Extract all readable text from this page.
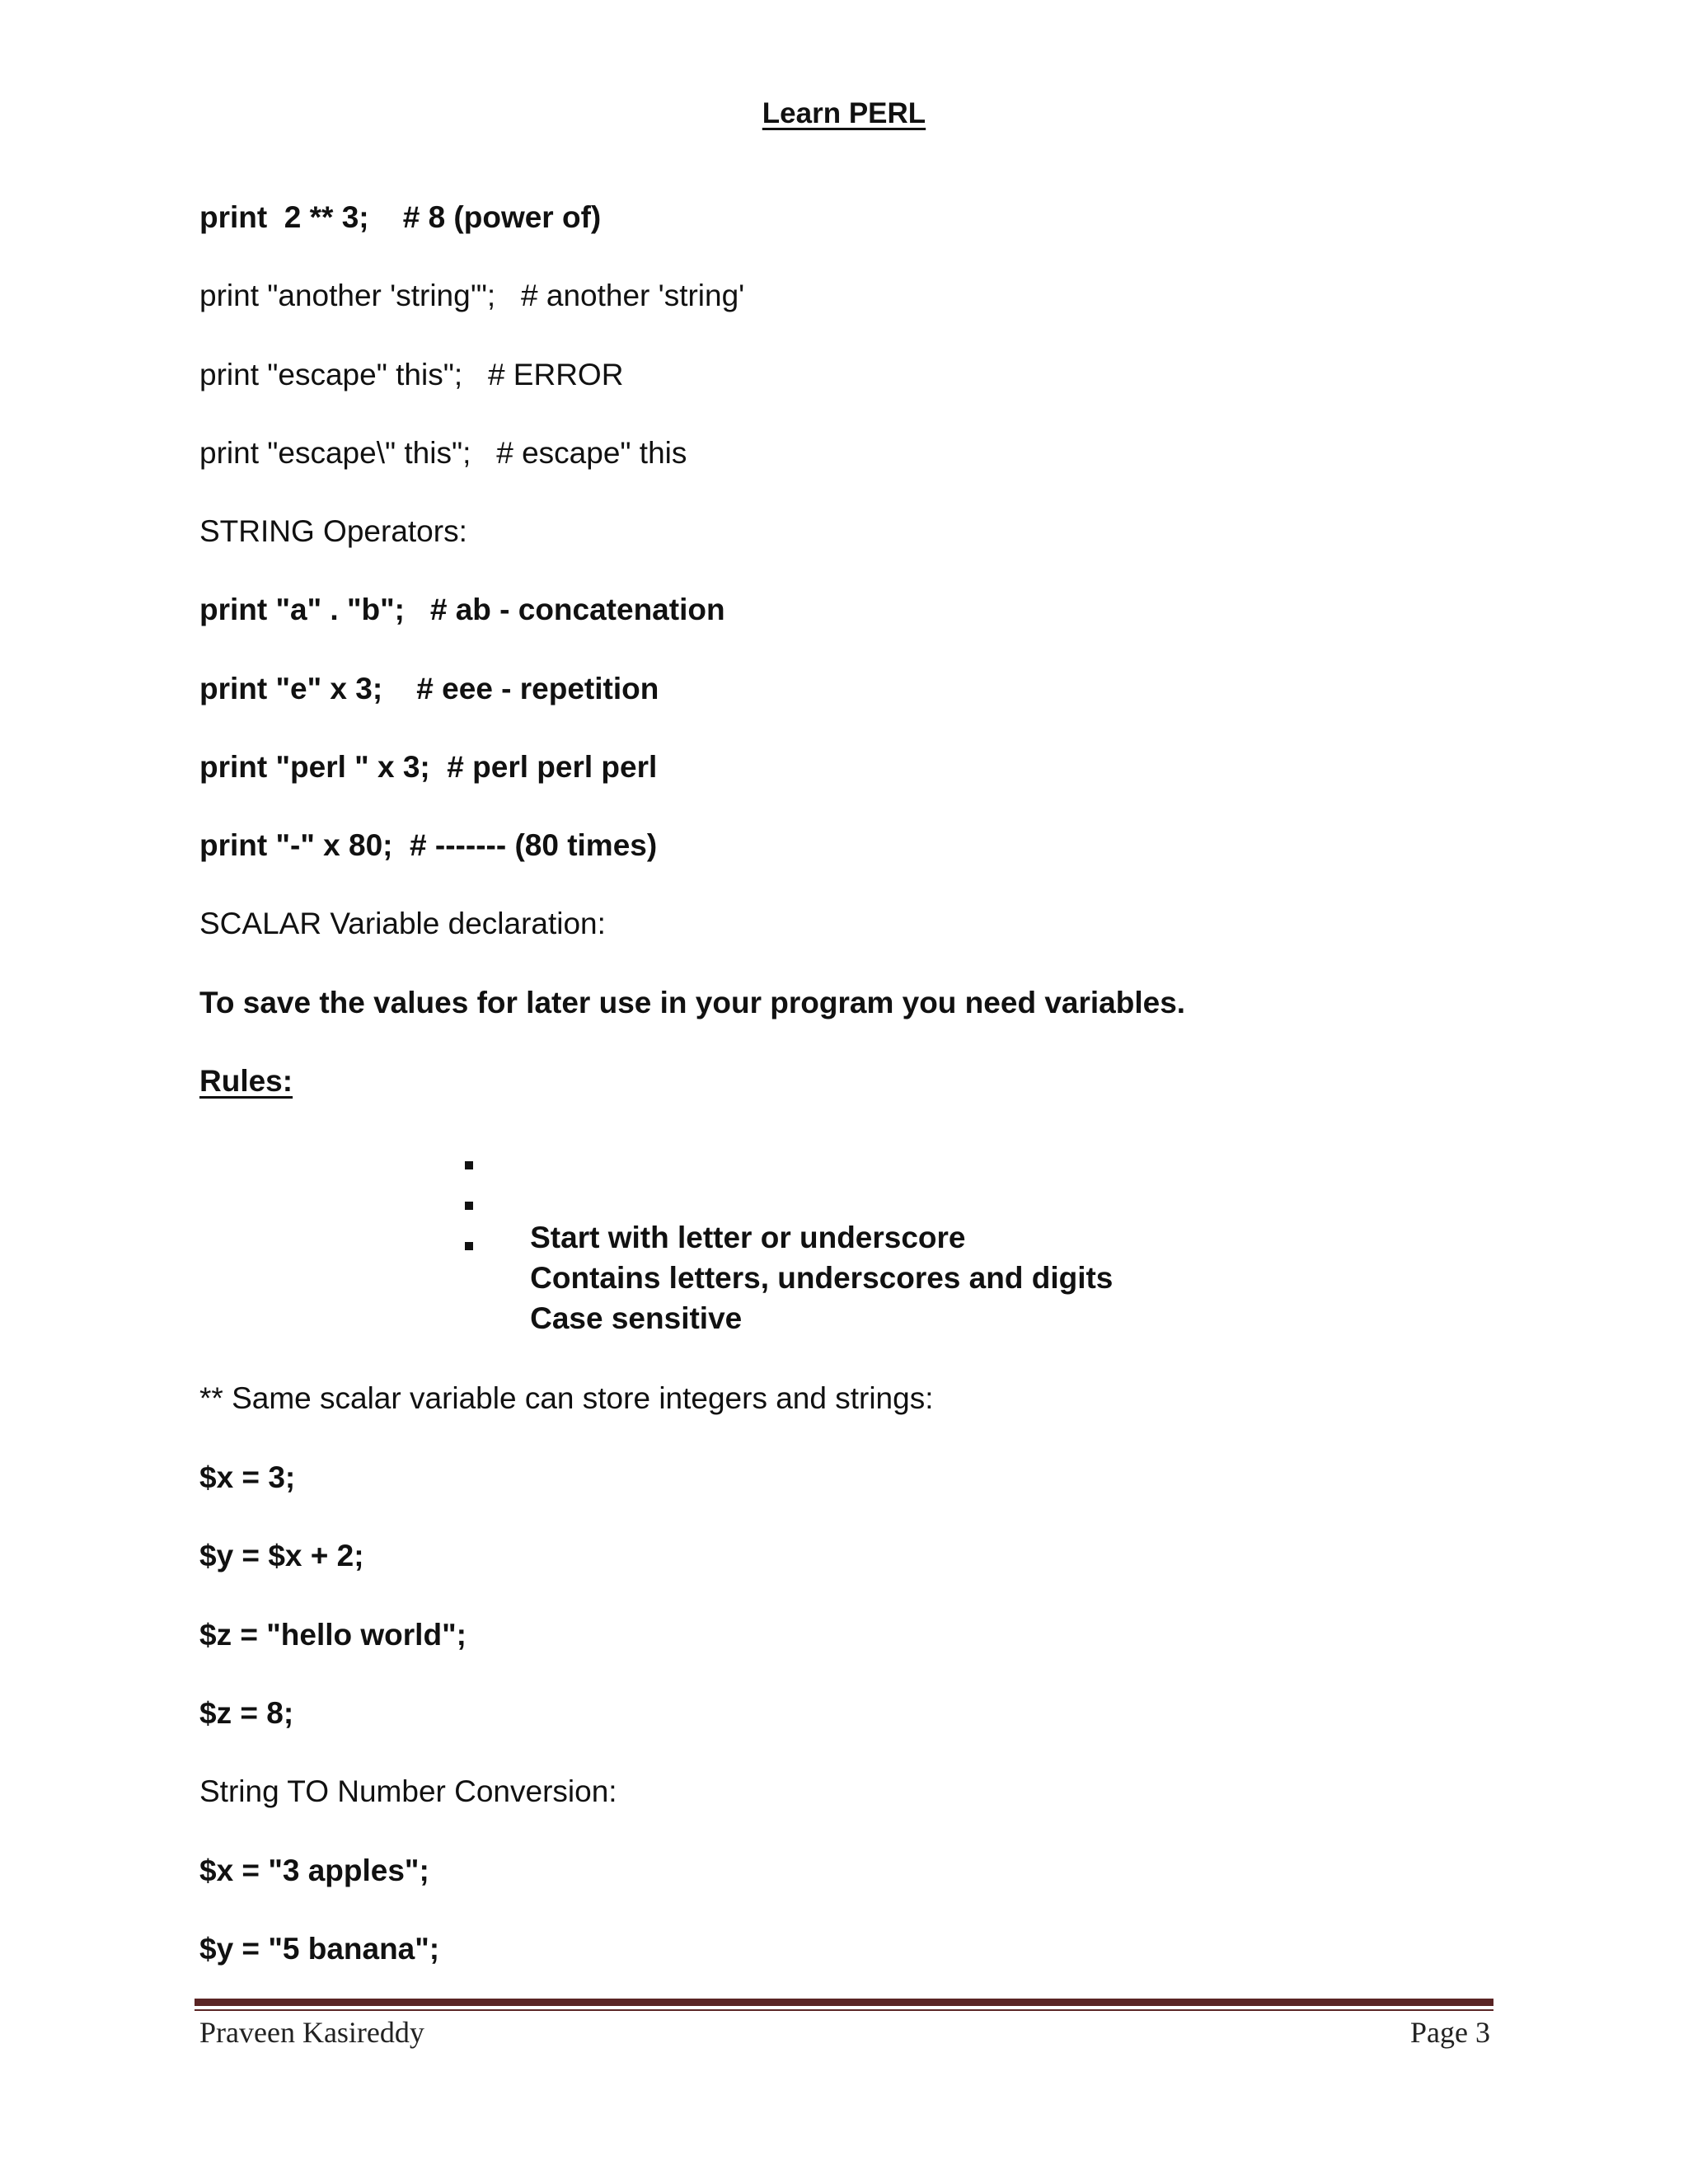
Learn PERL
print  2 ** 3;    # 8 (power of)
print "another 'string'";   # another 'string'
print "escape" this";   # ERROR
print "escape\" this";   # escape" this
STRING Operators:
print "a" . "b";   # ab - concatenation
print "e" x 3;    # eee - repetition
print "perl " x 3;  # perl perl perl
print "-" x 80;  # ------- (80 times)
SCALAR Variable declaration:
To save the values for later use in your program you need variables.
Rules:

Start with letter or underscore

Contains letters, underscores and digits

Case sensitive

** Same scalar variable can store integers and strings:
$x = 3;
$y = $x + 2;
$z = "hello world";
$z = 8;
String TO Number Conversion:
$x = "3 apples";
$y = "5 banana";
Praveen Kasireddy	Page 3
